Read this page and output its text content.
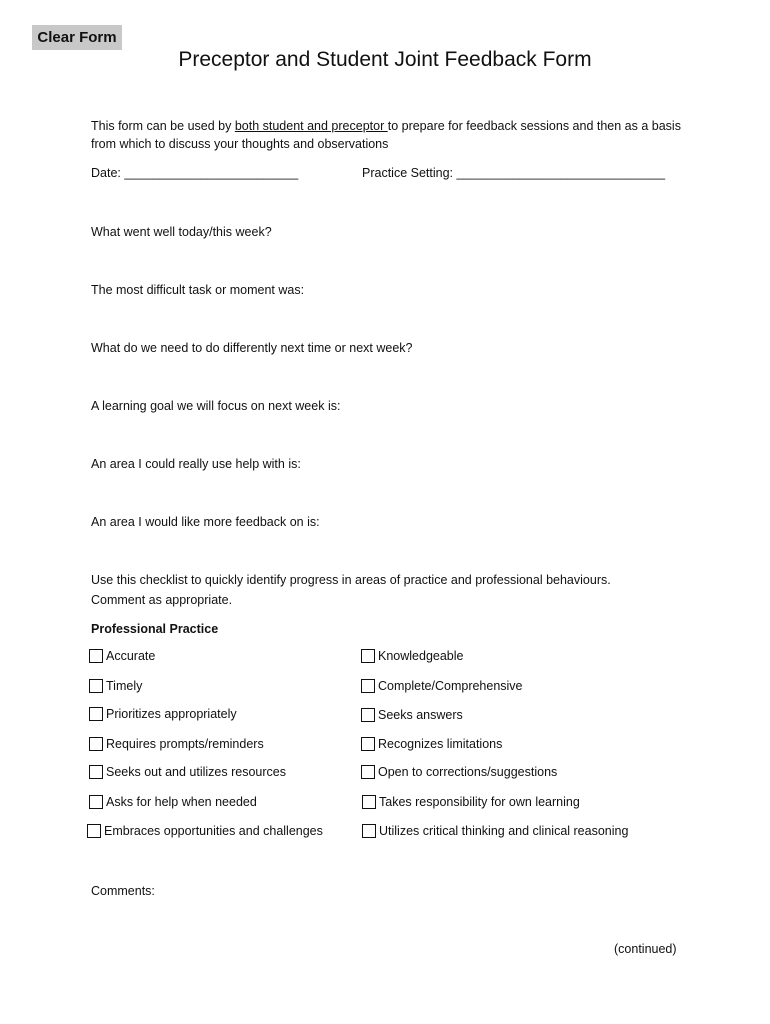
Clear Form
Preceptor and Student Joint Feedback Form
This form can be used by both student and preceptor to prepare for feedback sessions and then as a basis from which to discuss your thoughts and observations
Date: _________________________	Practice Setting: ______________________________
What went well today/this week?
The most difficult task or moment was:
What do we need to do differently next time or next week?
A learning goal we will focus on next week is:
An area I could really use help with is:
An area I would like more feedback on is:
Use this checklist to quickly identify progress in areas of practice and professional behaviours.
Comment as appropriate.
Professional Practice
Accurate
Timely
Prioritizes appropriately
Requires prompts/reminders
Seeks out and utilizes resources
Asks for help when needed
Embraces opportunities and challenges
Knowledgeable
Complete/Comprehensive
Seeks answers
Recognizes limitations
Open to corrections/suggestions
Takes responsibility for own learning
Utilizes critical thinking and clinical reasoning
Comments:
(continued)
